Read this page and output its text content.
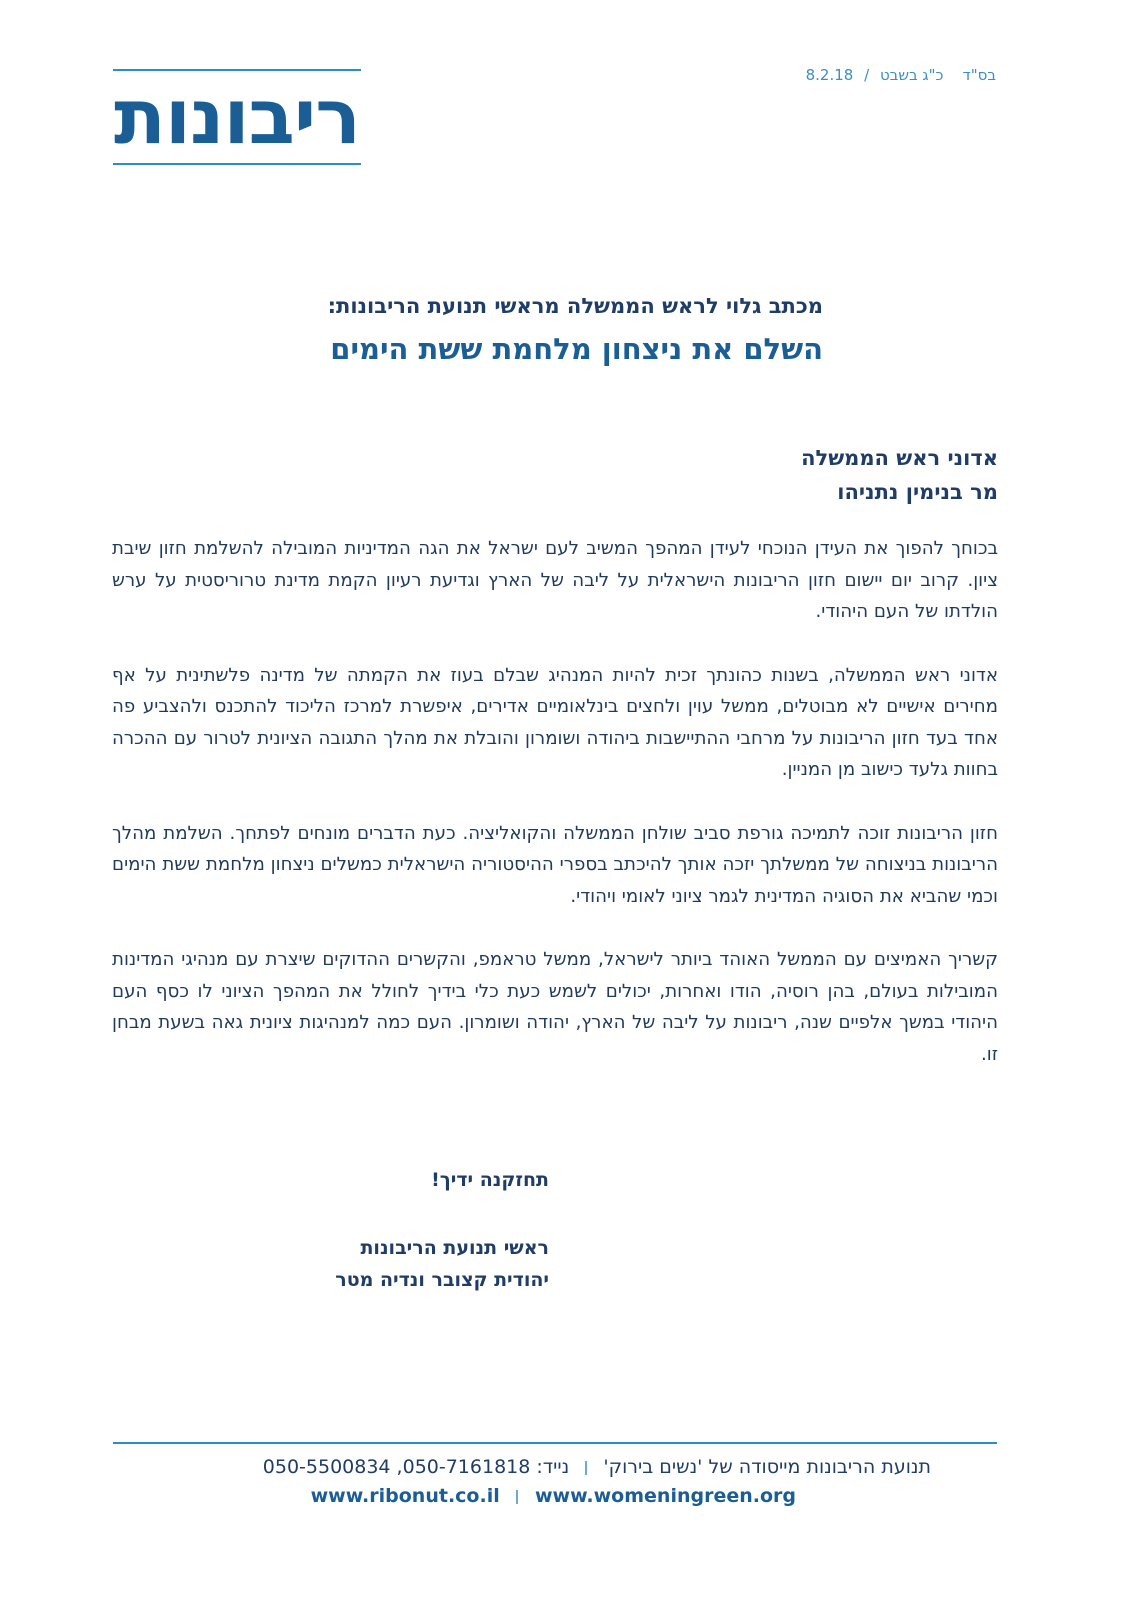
ריבונות	בס"ד    כ"ג בשבט / 8.2.18
מכתב גלוי לראש הממשלה מראשי תנועת הריבונות:
השלם את ניצחון מלחמת ששת הימים
אדוני ראש הממשלה
מר בנימין נתניהו

בכוחך להפוך את העידן הנוכחי לעידן המהפך המשיב לעם ישראל את הגה המדיניות המובילה להשלמת חזון שיבת ציון. קרוב יום יישום חזון הריבונות הישראלית על ליבה של הארץ וגדיעת רעיון הקמת מדינת טרוריסטית על ערש הולדתו של העם היהודי.

אדוני ראש הממשלה, בשנות כהונתך זכית להיות המנהיג שבלם בעוז את הקמתה של מדינה פלשתינית על אף מחירים אישיים לא מבוטלים, ממשל עוין ולחצים בינלאומיים אדירים, איפשרת למרכז הליכוד להתכנס ולהצביע פה אחד בעד חזון הריבונות על מרחבי ההתיישבות ביהודה ושומרון והובלת את מהלך התגובה הציונית לטרור עם ההכרה בחוות גלעד כישוב מן המניין.

חזון הריבונות זוכה לתמיכה גורפת סביב שולחן הממשלה והקואליציה. כעת הדברים מונחים לפתחך. השלמת מהלך הריבונות בניצוחה של ממשלתך יזכה אותך להיכתב בספרי ההיסטוריה הישראלית כמשלים ניצחון מלחמת ששת הימים וכמי שהביא את הסוגיה המדינית לגמר ציוני לאומי ויהודי.

קשריך האמיצים עם הממשל האוהד ביותר לישראל, ממשל טראמפ, והקשרים ההדוקים שיצרת עם מנהיגי המדינות המובילות בעולם, בהן רוסיה, הודו ואחרות, יכולים לשמש כעת כלי בידיך לחולל את המהפך הציוני לו כסף העם היהודי במשך אלפיים שנה, ריבונות על ליבה של הארץ, יהודה ושומרון. העם כמה למנהיגות ציונית גאה בשעת מבחן זו.

תחזקנה ידיך!
ראשי תנועת הריבונות
יהודית קצובר ונדיה מטר
תנועת הריבונות מייסודה של 'נשים בירוק'  נייד: 050-5500834 ,050-7161818
www.ribonut.co.il www.womeningreen.org
